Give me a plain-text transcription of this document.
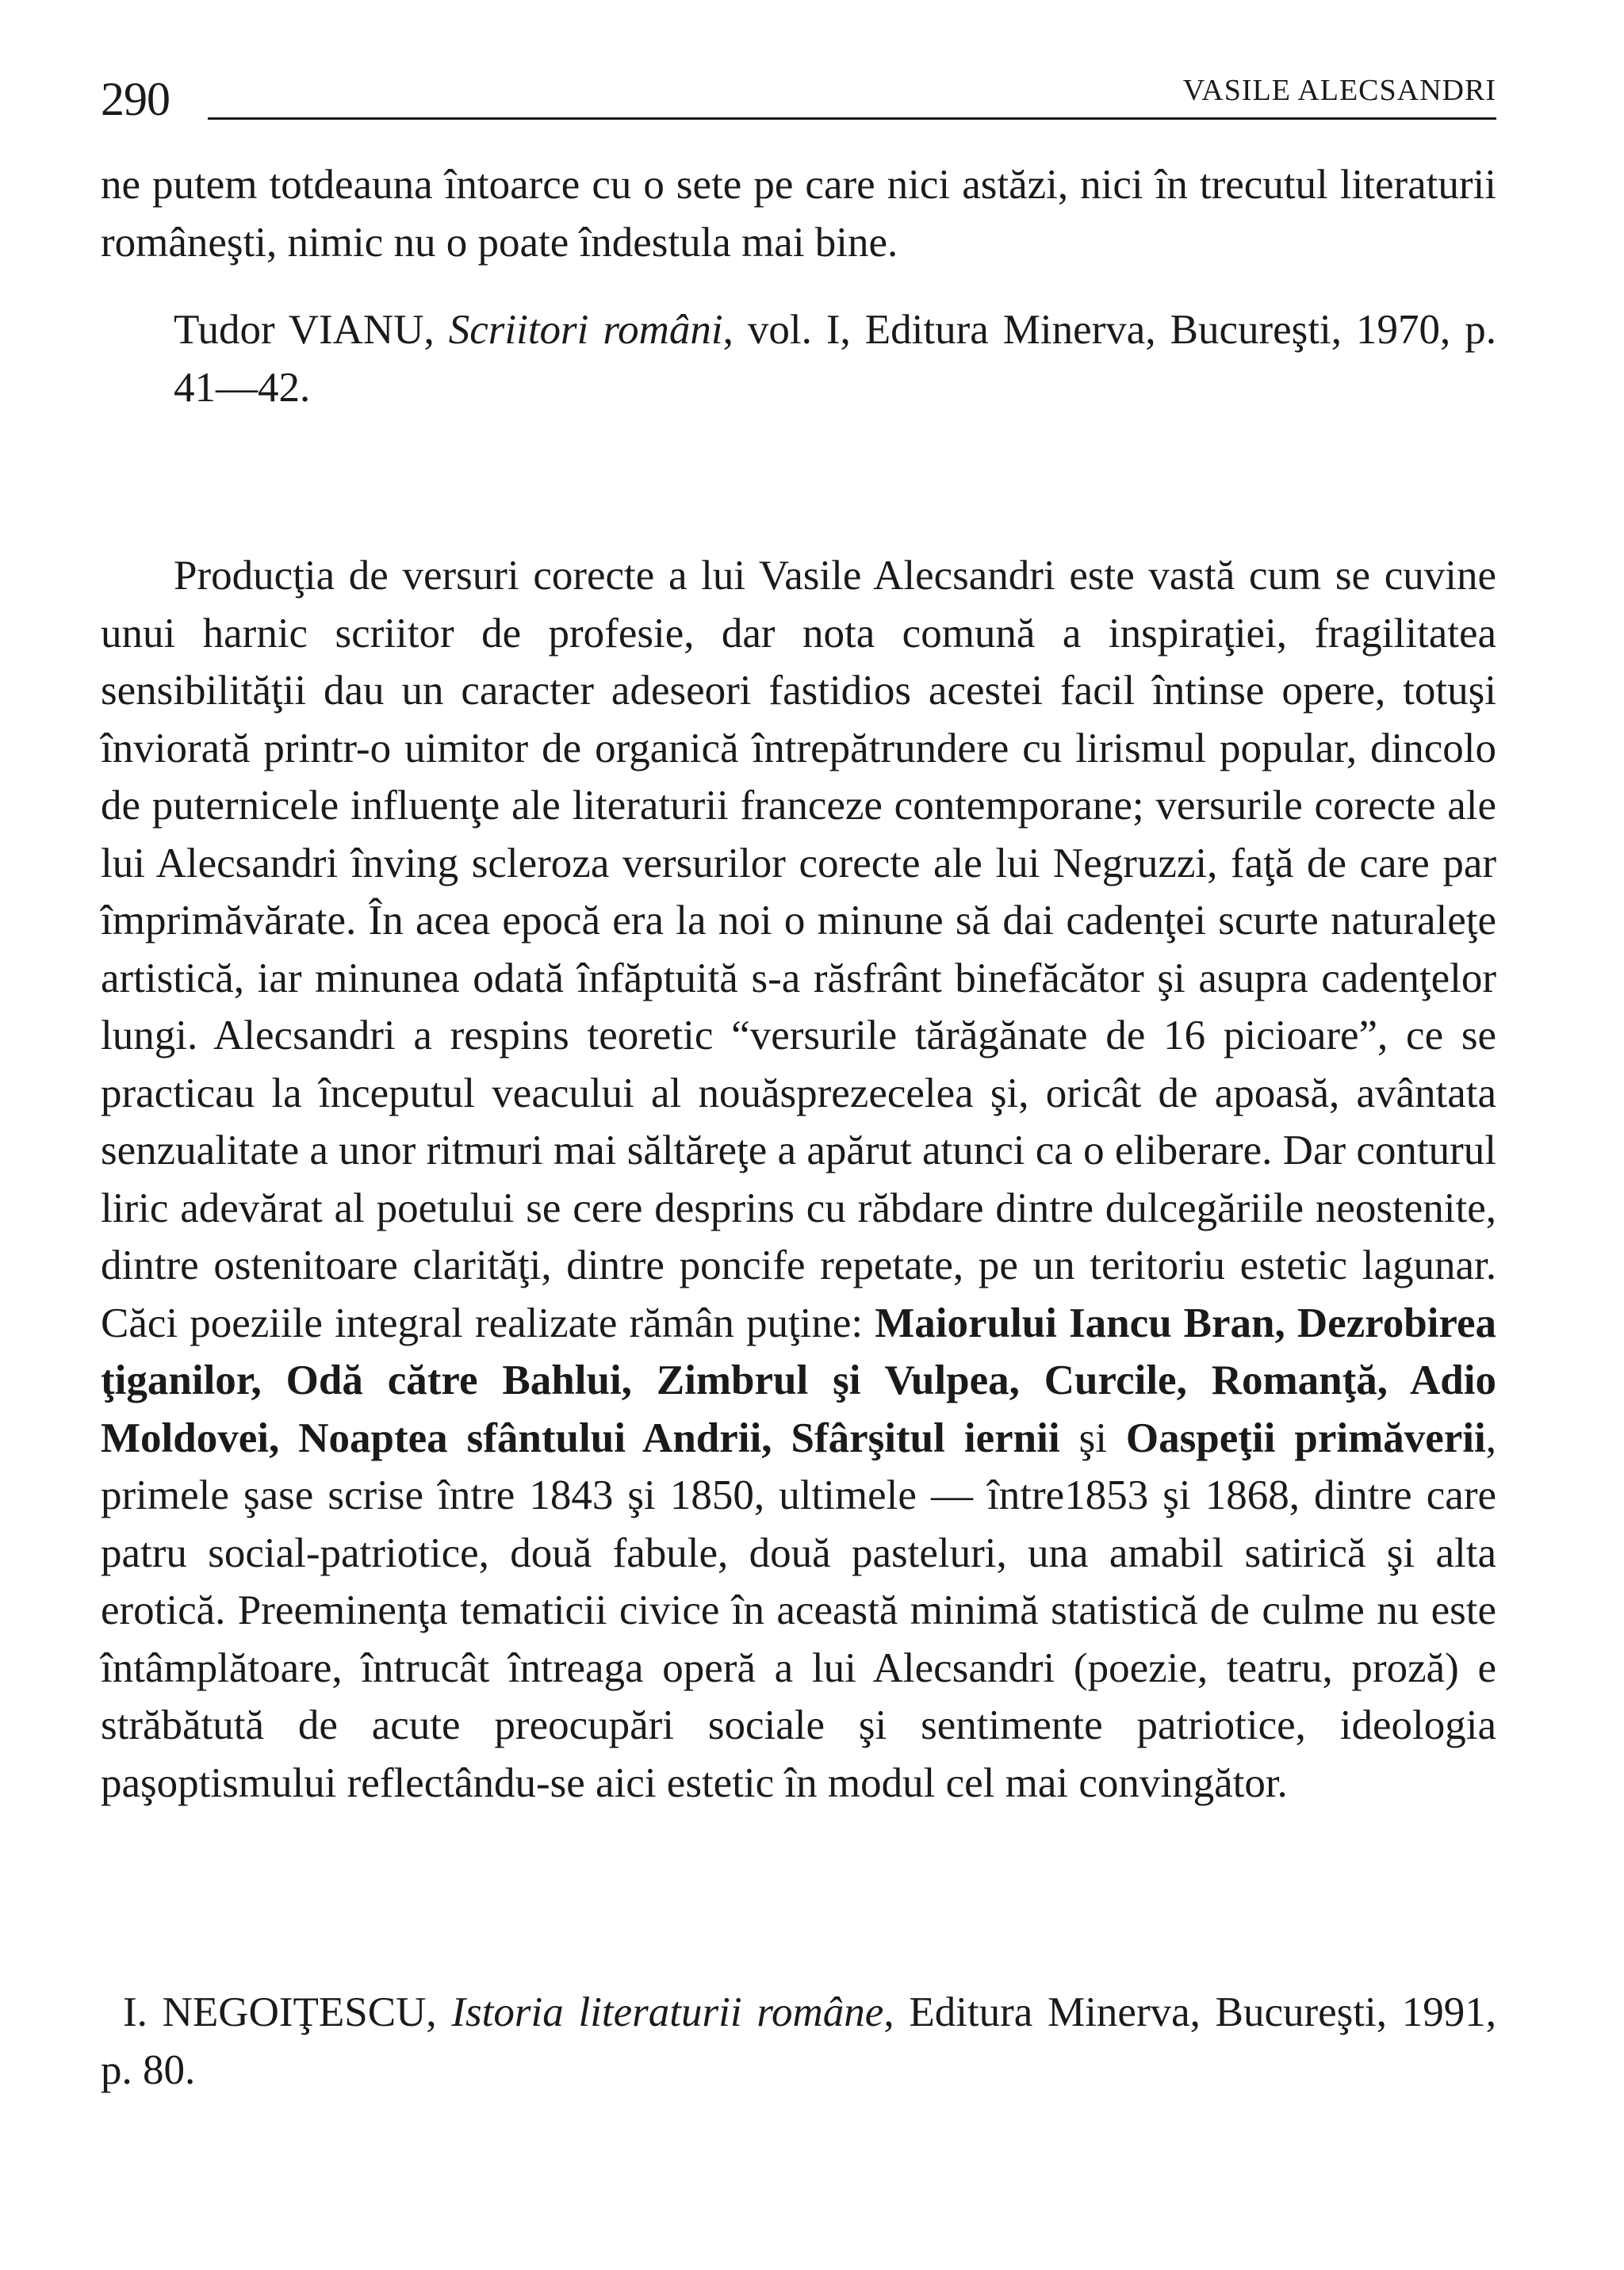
290	VASILE ALECSANDRI

ne putem totdeauna întoarce cu o sete pe care nici astăzi, nici în trecutul literaturii româneşti, nimic nu o poate îndestula mai bine.

Tudor VIANU, Scriitori români, vol. I, Editura Minerva, Bucureşti, 1970, p. 41—42.

Producţia de versuri corecte a lui Vasile Alecsandri este vastă cum se cuvine unui harnic scriitor de profesie, dar nota comună a inspiraţiei, fragilitatea sensibilităţii dau un caracter adeseori fastidios acestei facil întinse opere, totuşi înviorată printr-o uimitor de organică întrepătrundere cu lirismul popular, dincolo de puternicele influenţe ale literaturii franceze contemporane; versurile corecte ale lui Alecsandri înving scleroza versurilor corecte ale lui Negruzzi, faţă de care par împrimăvărate. În acea epocă era la noi o minune să dai cadenţei scurte naturaleţe artistică, iar minunea odată înfăptuită s-a răsfrânt binefăcător şi asupra cadenţelor lungi. Alecsandri a respins teoretic “versurile tărăgănate de 16 picioare”, ce se practicau la începutul veacului al nouăsprezecelea şi, oricât de apoasă, avântata senzualitate a unor ritmuri mai săltăreţe a apărut atunci ca o eliberare. Dar conturul liric adevărat al poetului se cere desprins cu răbdare dintre dulcegăriile neostenite, dintre ostenitoare clarităţi, dintre poncife repetate, pe un teritoriu estetic lagunar. Căci poeziile integral realizate rămân puţine: Maiorului Iancu Bran, Dezrobirea ţiganilor, Odă către Bahlui, Zimbrul şi Vulpea, Curcile, Romanţă, Adio Moldovei, Noaptea sfântului Andrii, Sfârşitul iernii şi Oaspeţii primăverii, primele şase scrise între 1843 şi 1850, ultimele — între1853 şi 1868, dintre care patru social-patriotice, două fabule, două pasteluri, una amabil satirică şi alta erotică. Preeminenţa tematicii civice în această minimă statistică de culme nu este întâmplătoare, întrucât întreaga operă a lui Alecsandri (poezie, teatru, proză) e străbătută de acute preocupări sociale şi sentimente patriotice, ideologia paşoptismului reflectându-se aici estetic în modul cel mai convingător.

I. NEGOIŢESCU, Istoria literaturii române, Editura Minerva, Bucureşti, 1991, p. 80.
